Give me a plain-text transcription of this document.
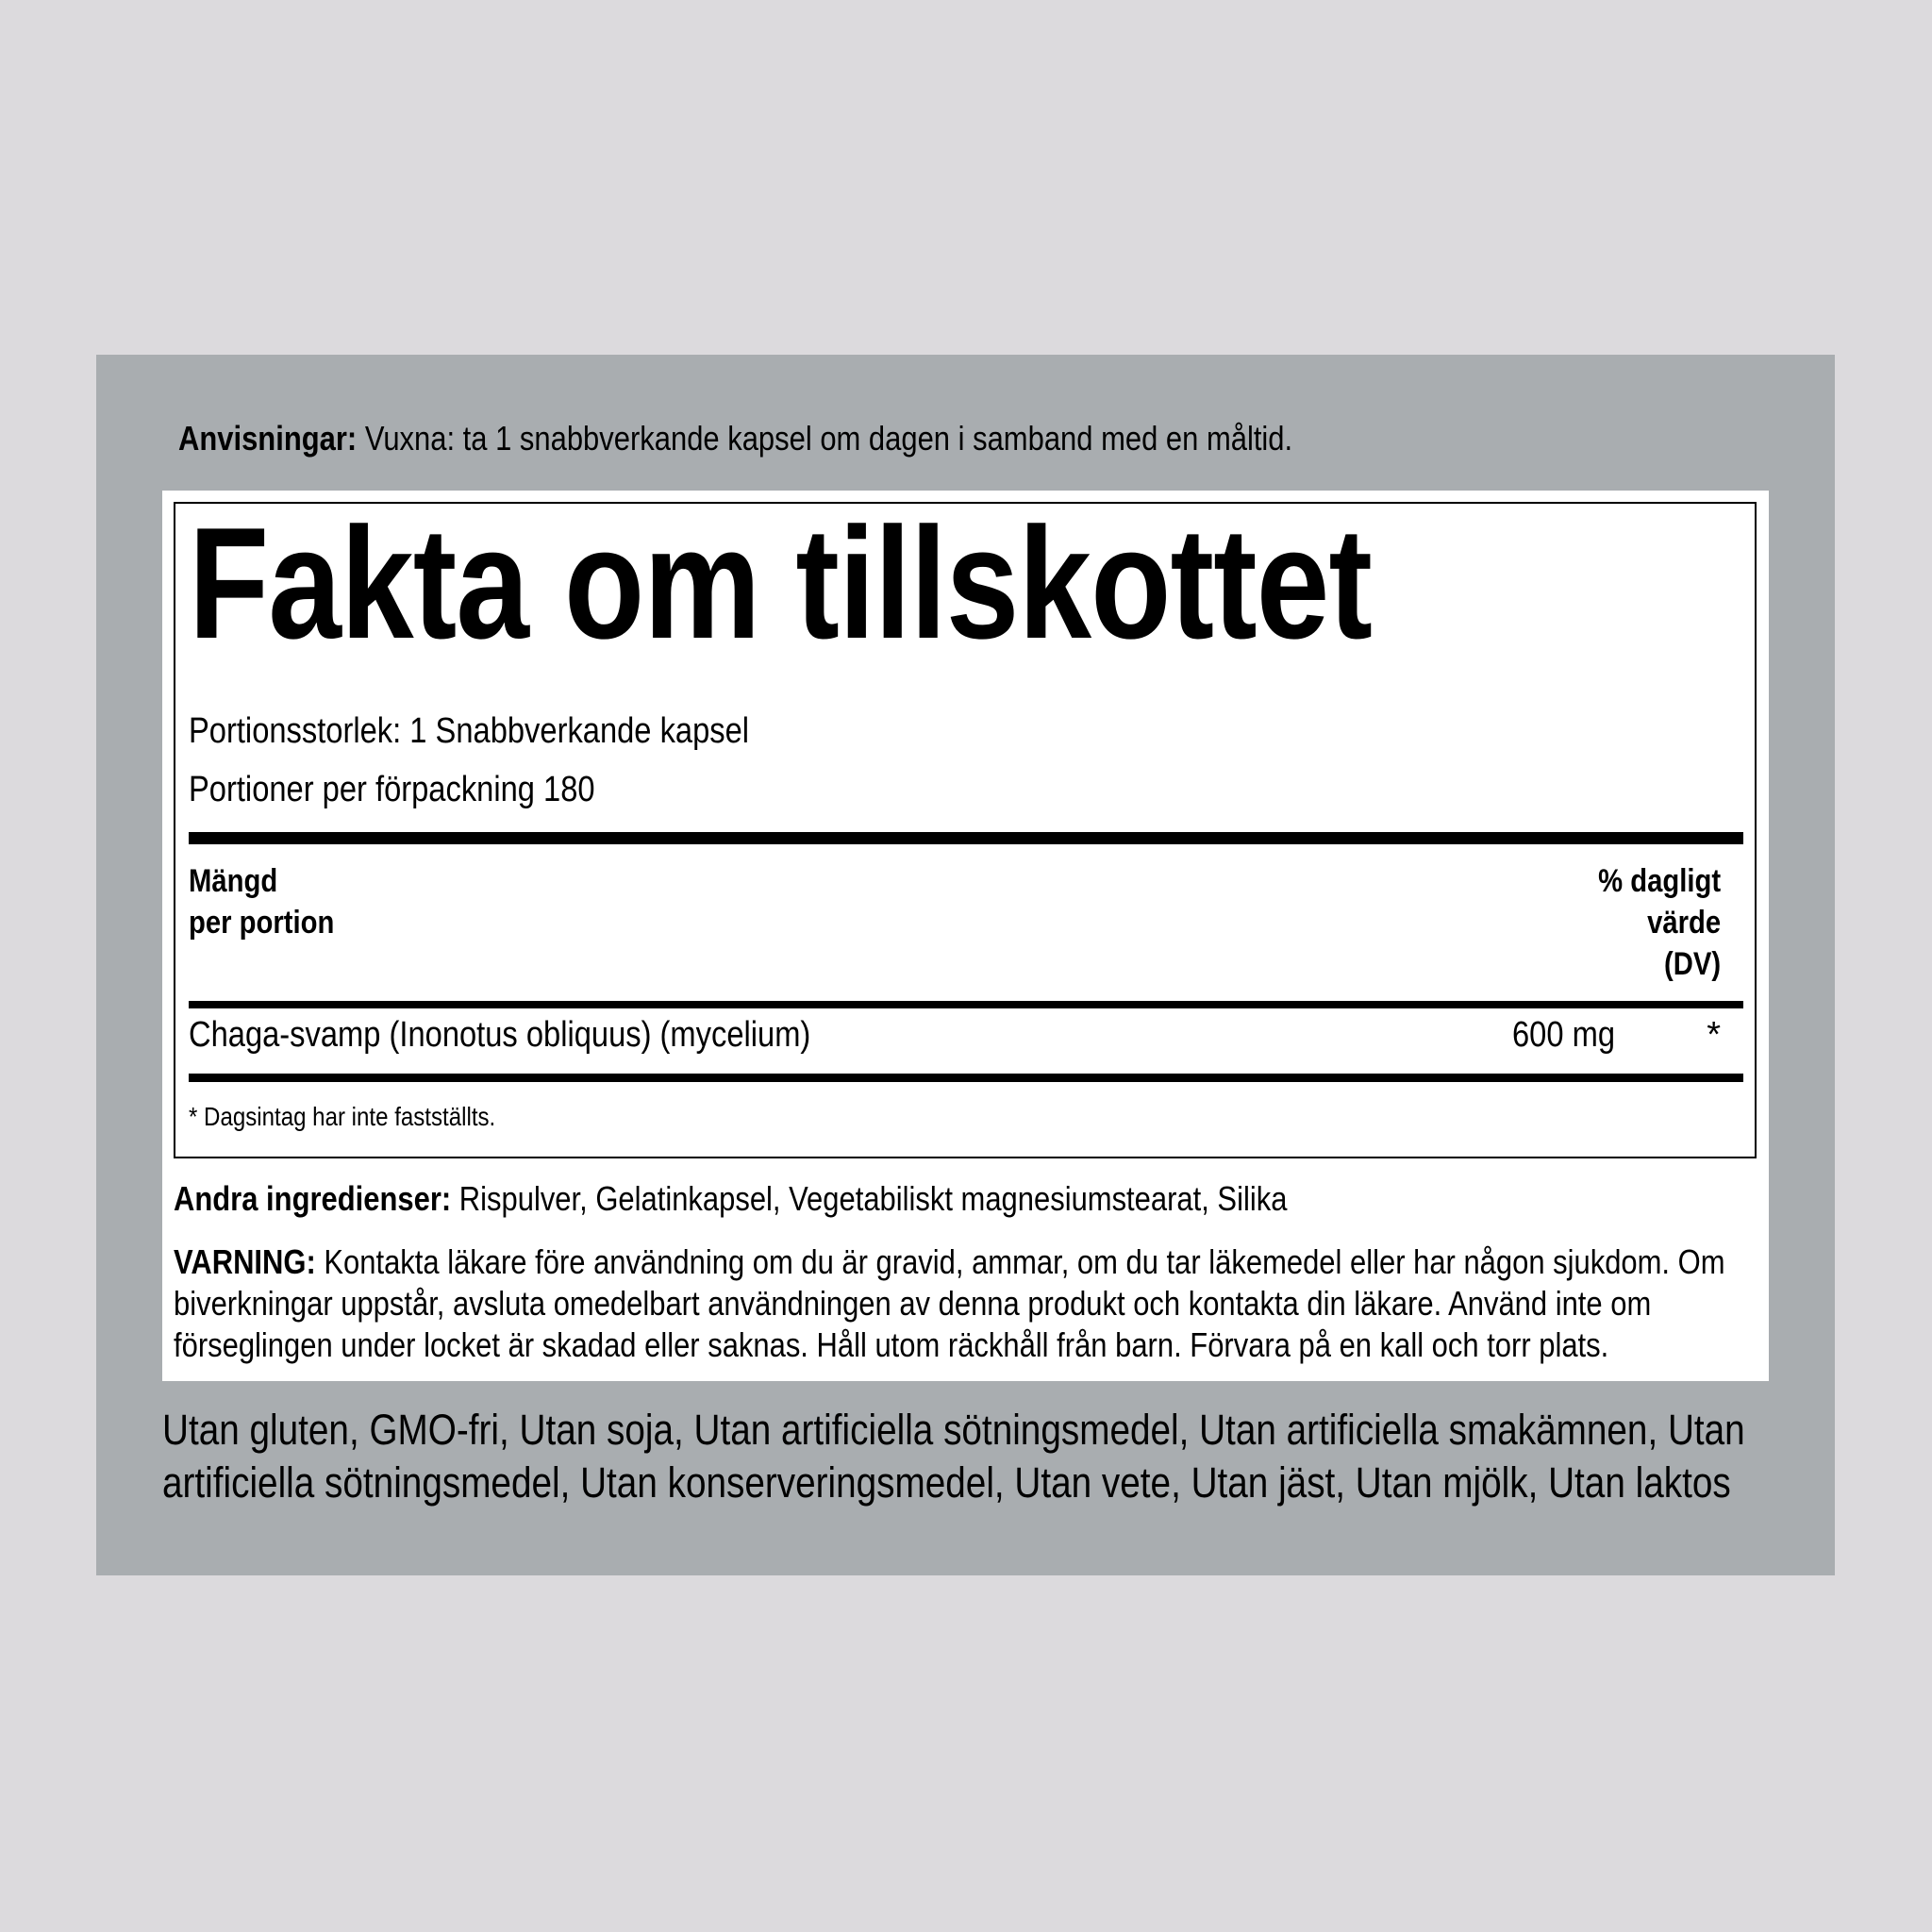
Anvisningar: Vuxna: ta 1 snabbverkande kapsel om dagen i samband med en måltid.
Fakta om tillskottet
Portionsstorlek: 1 Snabbverkande kapsel
Portioner per förpackning 180
Mängd
per portion
% dagligt
värde
(DV)
Chaga-svamp (Inonotus obliquus) (mycelium)	600 mg	*
* Dagsintag har inte fastställts.
Andra ingredienser: Rispulver, Gelatinkapsel, Vegetabiliskt magnesiumstearat, Silika
VARNING: Kontakta läkare före användning om du är gravid, ammar, om du tar läkemedel eller har någon sjukdom. Om
biverkningar uppstår, avsluta omedelbart användningen av denna produkt och kontakta din läkare. Använd inte om
förseglingen under locket är skadad eller saknas. Håll utom räckhåll från barn. Förvara på en kall och torr plats.
Utan gluten, GMO-fri, Utan soja, Utan artificiella sötningsmedel, Utan artificiella smakämnen, Utan
artificiella sötningsmedel, Utan konserveringsmedel, Utan vete, Utan jäst, Utan mjölk, Utan laktos
